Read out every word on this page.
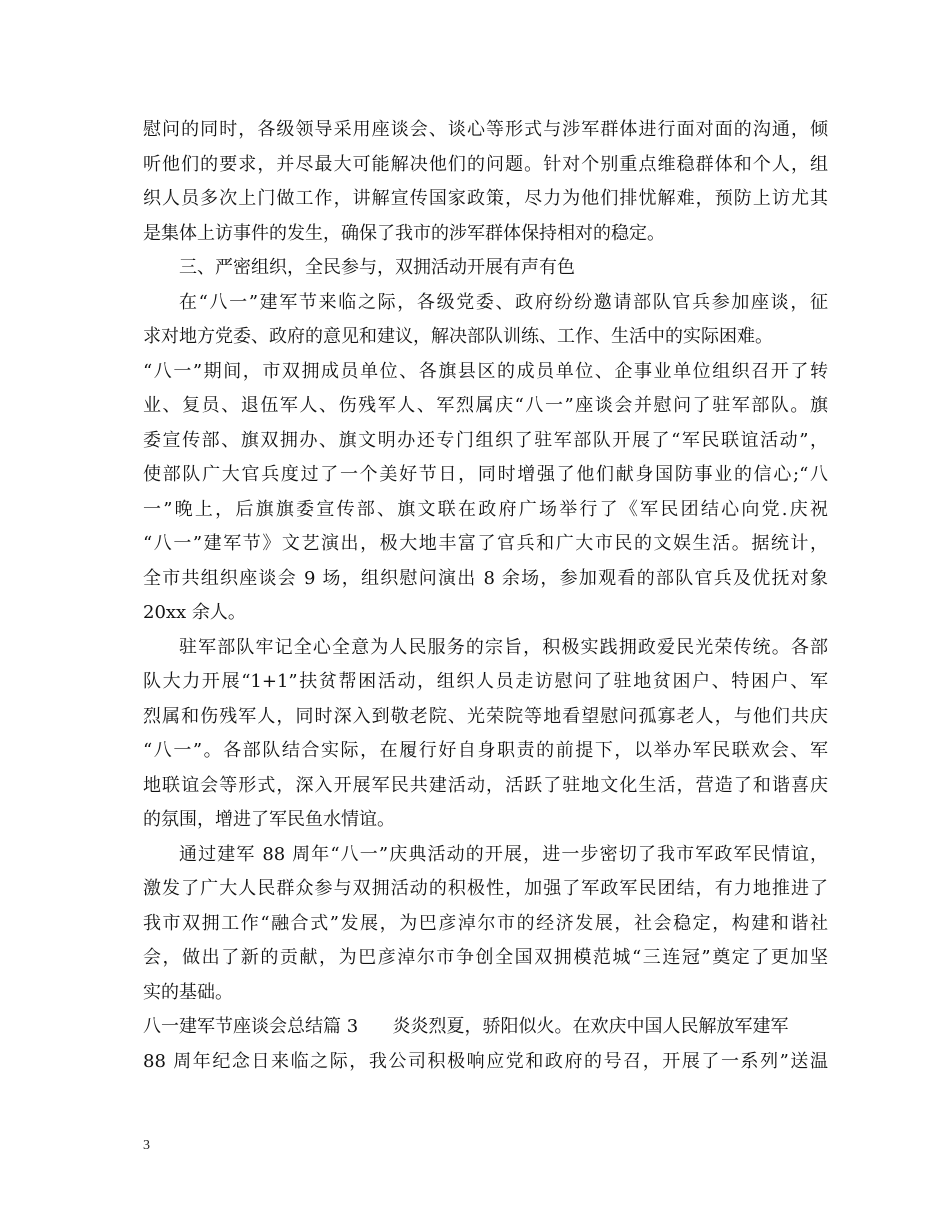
慰问的同时，各级领导采用座谈会、谈心等形式与涉军群体进行面对面的沟通，倾
听他们的要求，并尽最大可能解决他们的问题。针对个别重点维稳群体和个人，组
织人员多次上门做工作，讲解宣传国家政策，尽力为他们排忧解难，预防上访尤其
是集体上访事件的发生，确保了我市的涉军群体保持相对的稳定。
三、严密组织，全民参与，双拥活动开展有声有色
在“八一”建军节来临之际，各级党委、政府纷纷邀请部队官兵参加座谈，征
求对地方党委、政府的意见和建议，解决部队训练、工作、生活中的实际困难。
“八一”期间，市双拥成员单位、各旗县区的成员单位、企事业单位组织召开了转
业、复员、退伍军人、伤残军人、军烈属庆“八一”座谈会并慰问了驻军部队。旗
委宣传部、旗双拥办、旗文明办还专门组织了驻军部队开展了“军民联谊活动”，
使部队广大官兵度过了一个美好节日，同时增强了他们献身国防事业的信心;“八
一”晚上，后旗旗委宣传部、旗文联在政府广场举行了《军民团结心向党.庆祝
“八一”建军节》文艺演出，极大地丰富了官兵和广大市民的文娱生活。据统计，
全市共组织座谈会 9 场，组织慰问演出 8 余场，参加观看的部队官兵及优抚对象
20xx 余人。
驻军部队牢记全心全意为人民服务的宗旨，积极实践拥政爱民光荣传统。各部
队大力开展“1+1”扶贫帮困活动，组织人员走访慰问了驻地贫困户、特困户、军
烈属和伤残军人，同时深入到敬老院、光荣院等地看望慰问孤寡老人，与他们共庆
“八一”。各部队结合实际，在履行好自身职责的前提下，以举办军民联欢会、军
地联谊会等形式，深入开展军民共建活动，活跃了驻地文化生活，营造了和谐喜庆
的氛围，增进了军民鱼水情谊。
通过建军 88 周年“八一”庆典活动的开展，进一步密切了我市军政军民情谊，
激发了广大人民群众参与双拥活动的积极性，加强了军政军民团结，有力地推进了
我市双拥工作“融合式”发展，为巴彦淖尔市的经济发展，社会稳定，构建和谐社
会，做出了新的贡献，为巴彦淖尔市争创全国双拥模范城“三连冠”奠定了更加坚
实的基础。
八一建军节座谈会总结篇 3      炎炎烈夏，骄阳似火。在欢庆中国人民解放军建军
88 周年纪念日来临之际，我公司积极响应党和政府的号召，开展了一系列”送温
3
